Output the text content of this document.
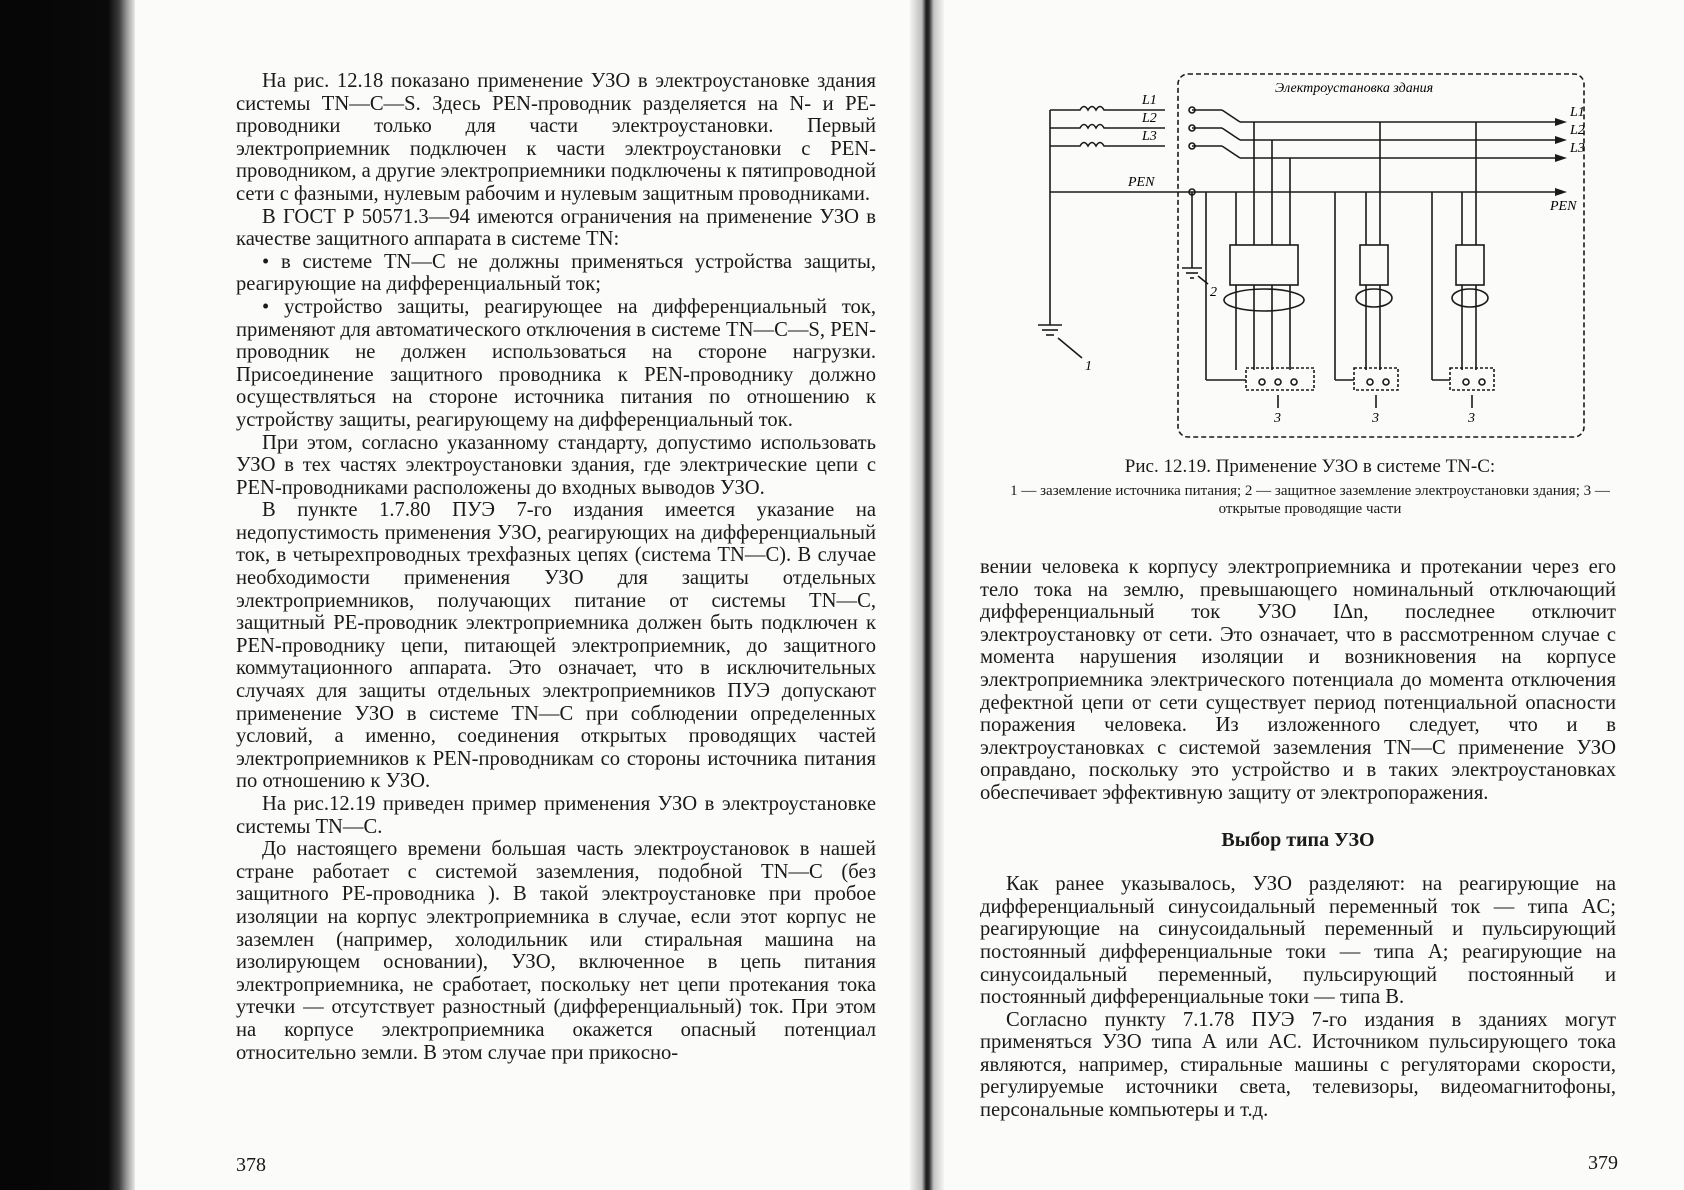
На рис. 12.18 показано применение УЗО в электроустановке здания системы TN—C—S. Здесь PEN-проводник разделяется на N- и PE-проводники только для части электроустановки. Первый электроприемник подключен к части электроустановки с PEN-проводником, а другие электроприемники подключены к пятипроводной сети с фазными, нулевым рабочим и нулевым защитным проводниками.

В ГОСТ Р 50571.3—94 имеются ограничения на применение УЗО в качестве защитного аппарата в системе TN:

• в системе TN—C не должны применяться устройства защиты, реагирующие на дифференциальный ток;

• устройство защиты, реагирующее на дифференциальный ток, применяют для автоматического отключения в системе TN—C—S, PEN-проводник не должен использоваться на стороне нагрузки. Присоединение защитного проводника к PEN-проводнику должно осуществляться на стороне источника питания по отношению к устройству защиты, реагирующему на дифференциальный ток.

При этом, согласно указанному стандарту, допустимо использовать УЗО в тех частях электроустановки здания, где электрические цепи с PEN-проводниками расположены до входных выводов УЗО.

В пункте 1.7.80 ПУЭ 7-го издания имеется указание на недопустимость применения УЗО, реагирующих на дифференциальный ток, в четырехпроводных трехфазных цепях (система TN—C). В случае необходимости применения УЗО для защиты отдельных электроприемников, получающих питание от системы TN—C, защитный PE-проводник электроприемника должен быть подключен к PEN-проводнику цепи, питающей электроприемник, до защитного коммутационного аппарата. Это означает, что в исключительных случаях для защиты отдельных электроприемников ПУЭ допускают применение УЗО в системе TN—C при соблюдении определенных условий, а именно, соединения открытых проводящих частей электроприемников к PEN-проводникам со стороны источника питания по отношению к УЗО.

На рис.12.19 приведен пример применения УЗО в электроустановке системы TN—C.

До настоящего времени большая часть электроустановок в нашей стране работает с системой заземления, подобной TN—C (без защитного PE-проводника ). В такой электроустановке при пробое изоляции на корпус электроприемника в случае, если этот корпус не заземлен (например, холодильник или стиральная машина на изолирующем основании), УЗО, включенное в цепь питания электроприемника, не сработает, поскольку нет цепи протекания тока утечки — отсутствует разностный (дифференциальный) ток. При этом на корпусе электроприемника окажется опасный потенциал относительно земли. В этом случае при прикосно-

378
Электроустановка здания
L1
L2
L3
PEN
L1
L2
L3
PEN
1
2
3	3	3
Рис. 12.19. Применение УЗО в системе TN-C:
1 — заземление источника питания; 2 — защитное заземление электроустановки здания; 3 — открытые проводящие части

вении человека к корпусу электроприемника и протекании через его тело тока на землю, превышающего номинальный отключающий дифференциальный ток УЗО IΔn, последнее отключит электроустановку от сети. Это означает, что в рассмотренном случае с момента нарушения изоляции и возникновения на корпусе электроприемника электрического потенциала до момента отключения дефектной цепи от сети существует период потенциальной опасности поражения человека. Из изложенного следует, что и в электроустановках с системой заземления TN—C применение УЗО оправдано, поскольку это устройство и в таких электроустановках обеспечивает эффективную защиту от электропоражения.

Выбор типа УЗО

Как ранее указывалось, УЗО разделяют: на реагирующие на дифференциальный синусоидальный переменный ток — типа AC; реагирующие на синусоидальный переменный и пульсирующий постоянный дифференциальные токи — типа A; реагирующие на синусоидальный переменный, пульсирующий постоянный и постоянный дифференциальные токи — типа B.

Согласно пункту 7.1.78 ПУЭ 7-го издания в зданиях могут применяться УЗО типа A или AC. Источником пульсирующего тока являются, например, стиральные машины с регуляторами скорости, регулируемые источники света, телевизоры, видеомагнитофоны, персональные компьютеры и т.д.

379
